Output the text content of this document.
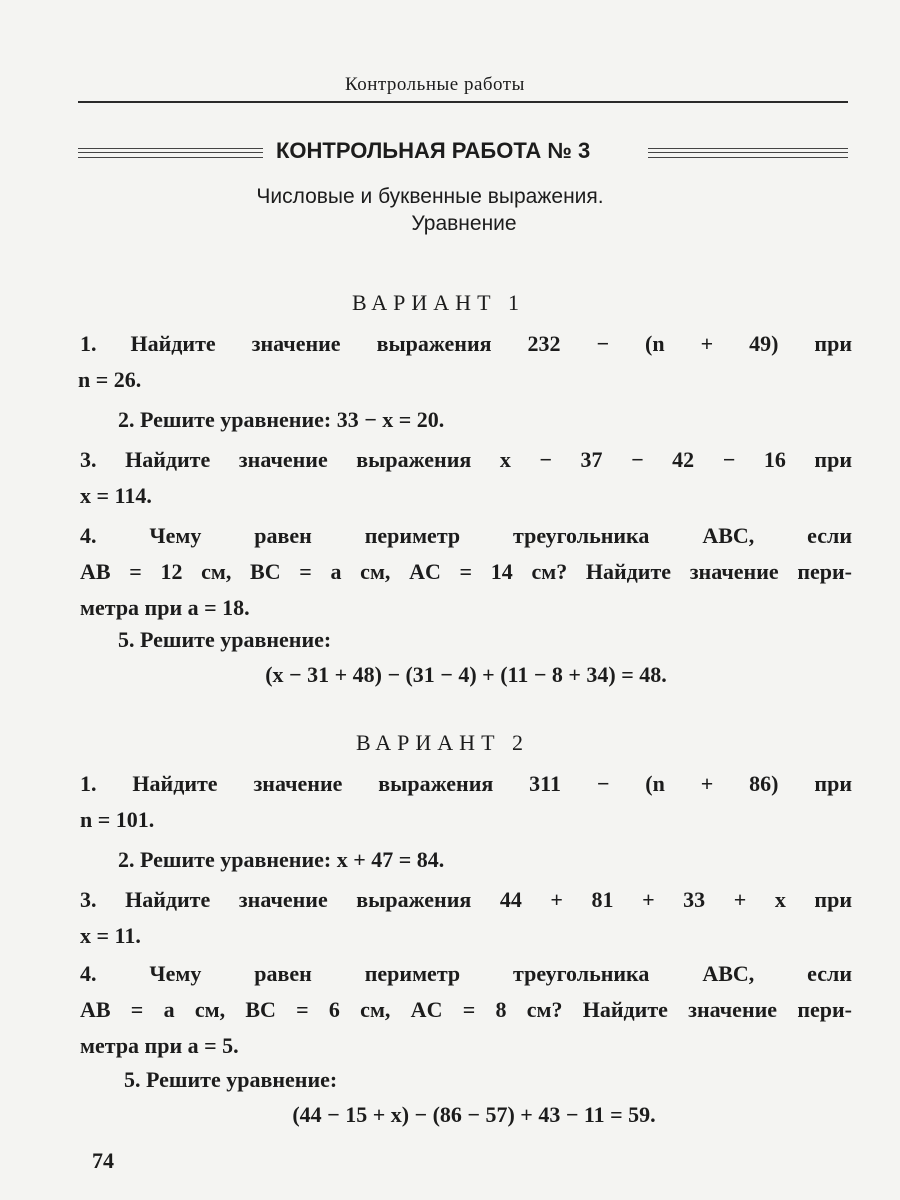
Контрольные работы
КОНТРОЛЬНАЯ РАБОТА № 3
Числовые и буквенные выражения.
Уравнение
ВАРИАНТ 1
1. Найдите значение выражения 232 − (n + 49) при
n = 26.
2. Решите уравнение: 33 − x = 20.
3. Найдите значение выражения x − 37 − 42 − 16 при
x = 114.
4. Чему равен периметр треугольника ABC, если
AB = 12 см, BC = a см, AC = 14 см? Найдите значение пери-
метра при a = 18.
5. Решите уравнение:
(x − 31 + 48) − (31 − 4) + (11 − 8 + 34) = 48.
ВАРИАНТ 2
1. Найдите значение выражения 311 − (n + 86) при
n = 101.
2. Решите уравнение: x + 47 = 84.
3. Найдите значение выражения 44 + 81 + 33 + x при
x = 11.
4. Чему равен периметр треугольника ABC, если
AB = a см, BC = 6 см, AC = 8 см? Найдите значение пери-
метра при a = 5.
5. Решите уравнение:
(44 − 15 + x) − (86 − 57) + 43 − 11 = 59.
74
